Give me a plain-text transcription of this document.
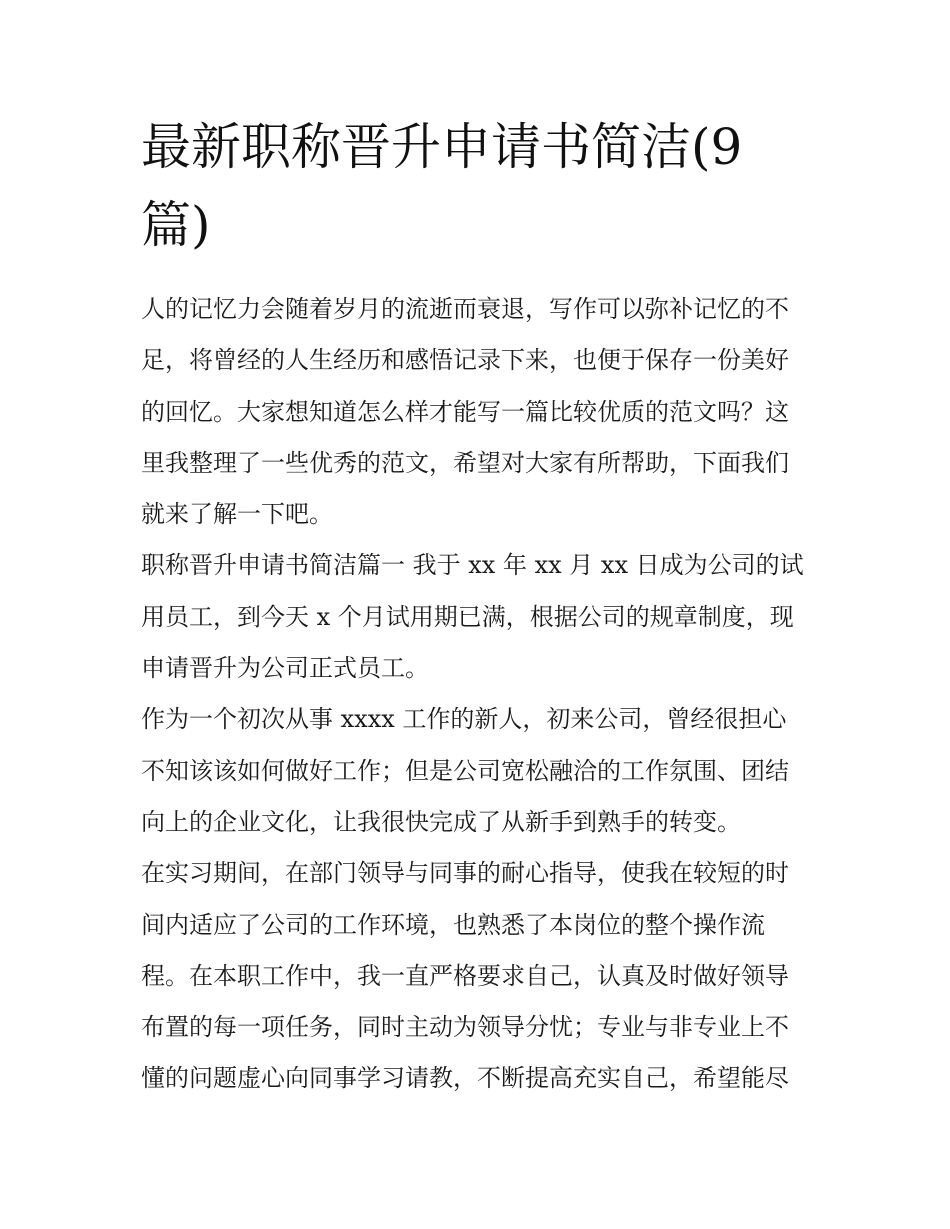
最新职称晋升申请书简洁(9
篇)

人的记忆力会随着岁月的流逝而衰退，写作可以弥补记忆的不
足，将曾经的人生经历和感悟记录下来，也便于保存一份美好
的回忆。大家想知道怎么样才能写一篇比较优质的范文吗？这
里我整理了一些优秀的范文，希望对大家有所帮助，下面我们
就来了解一下吧。

职称晋升申请书简洁篇一 我于 xx 年 xx 月 xx 日成为公司的试
用员工，到今天 x 个月试用期已满，根据公司的规章制度，现
申请晋升为公司正式员工。

作为一个初次从事 xxxx 工作的新人，初来公司，曾经很担心
不知该该如何做好工作；但是公司宽松融洽的工作氛围、团结
向上的企业文化，让我很快完成了从新手到熟手的转变。

在实习期间，在部门领导与同事的耐心指导，使我在较短的时
间内适应了公司的工作环境，也熟悉了本岗位的整个操作流
程。在本职工作中，我一直严格要求自己，认真及时做好领导
布置的每一项任务，同时主动为领导分忧；专业与非专业上不
懂的问题虚心向同事学习请教，不断提高充实自己，希望能尽
